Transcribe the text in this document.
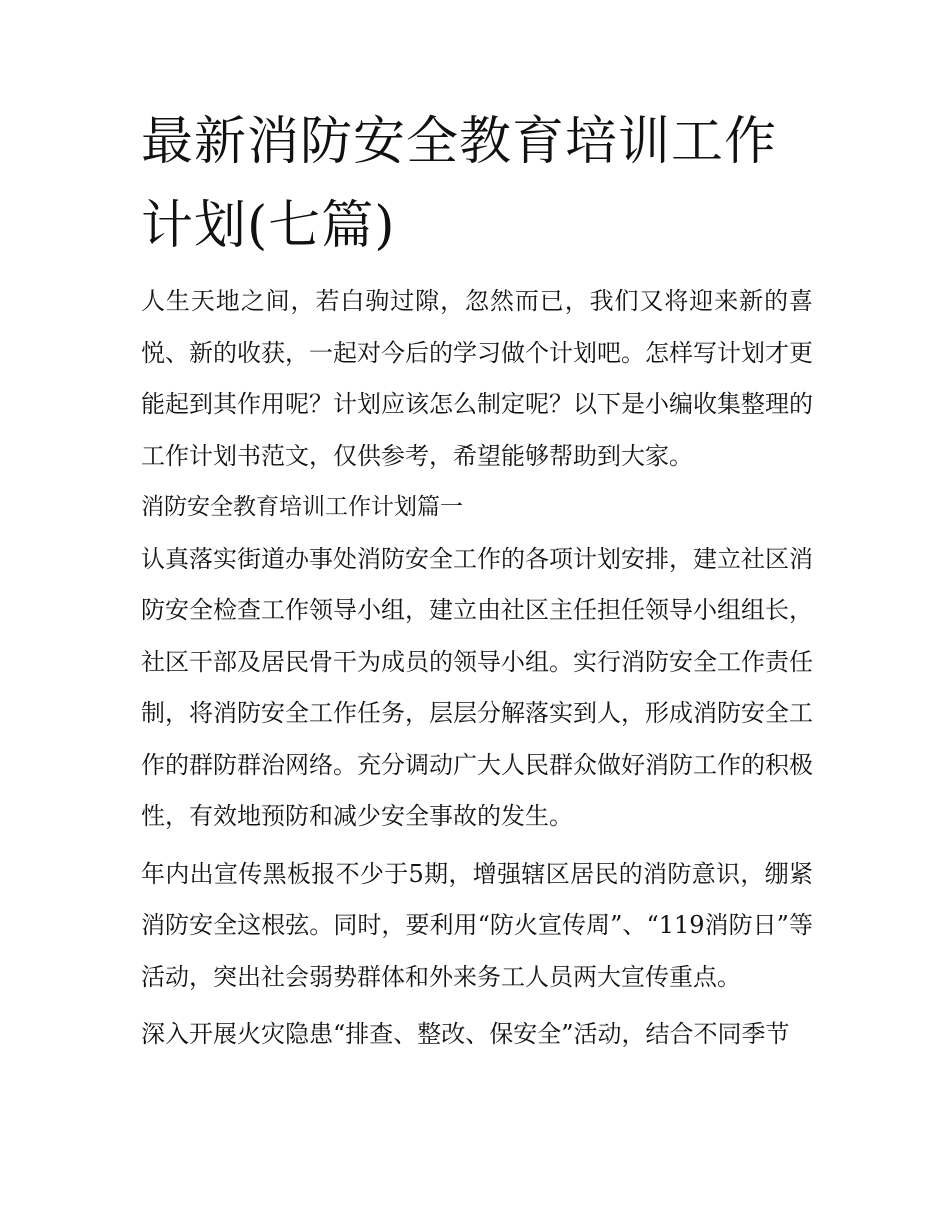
最新消防安全教育培训工作计划(七篇)

人生天地之间，若白驹过隙，忽然而已，我们又将迎来新的喜悦、新的收获，一起对今后的学习做个计划吧。怎样写计划才更能起到其作用呢？计划应该怎么制定呢？以下是小编收集整理的工作计划书范文，仅供参考，希望能够帮助到大家。

消防安全教育培训工作计划篇一

认真落实街道办事处消防安全工作的各项计划安排，建立社区消防安全检查工作领导小组，建立由社区主任担任领导小组组长，社区干部及居民骨干为成员的领导小组。实行消防安全工作责任制，将消防安全工作任务，层层分解落实到人，形成消防安全工作的群防群治网络。充分调动广大人民群众做好消防工作的积极性，有效地预防和减少安全事故的发生。

年内出宣传黑板报不少于5期，增强辖区居民的消防意识，绷紧消防安全这根弦。同时，要利用“防火宣传周”、“119消防日”等活动，突出社会弱势群体和外来务工人员两大宣传重点。

深入开展火灾隐患“排查、整改、保安全”活动，结合不同季节
